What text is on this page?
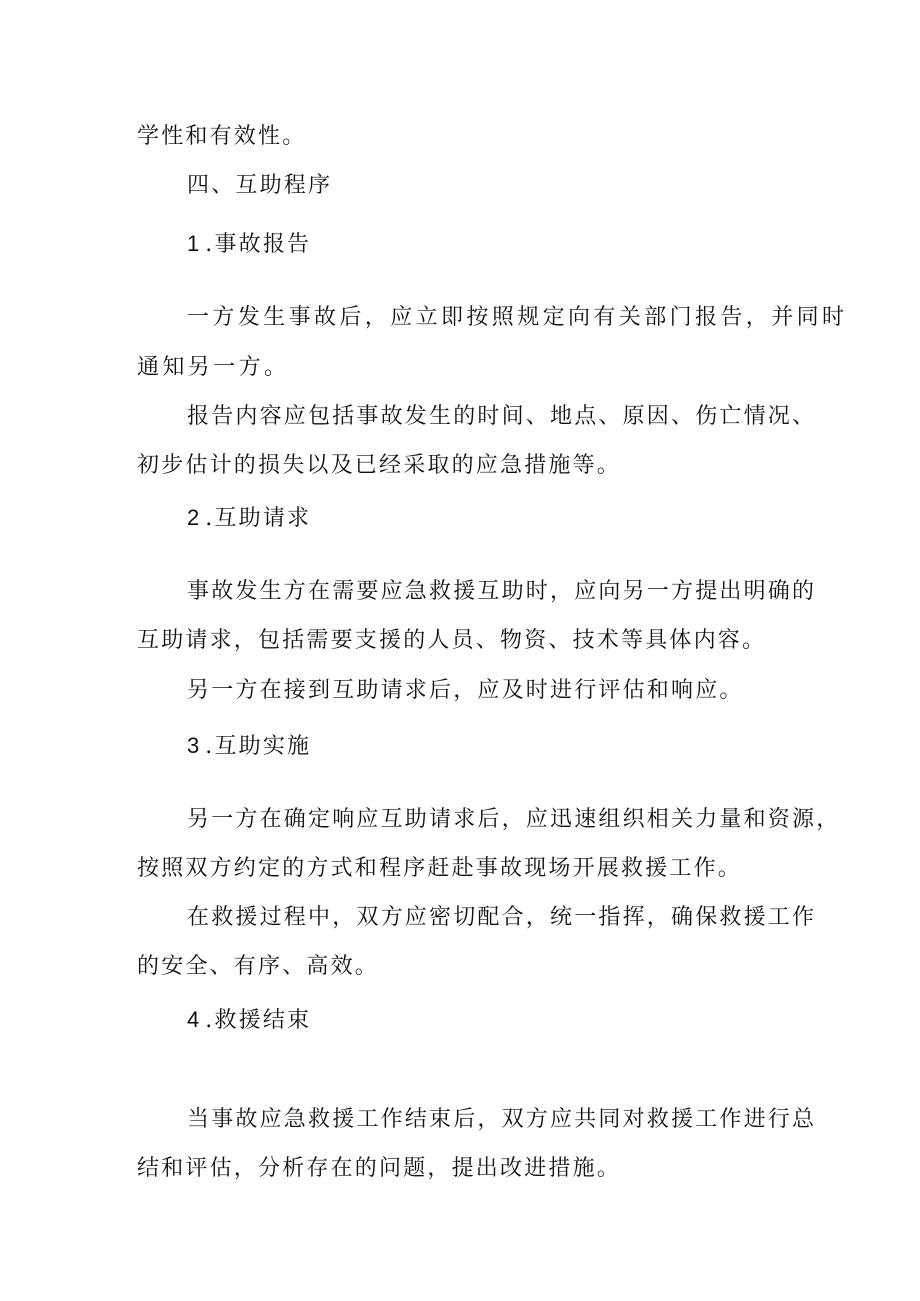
学性和有效性。
四、互助程序
1 .事故报告
一方发生事故后，应立即按照规定向有关部门报告，并同时
通知另一方。
报告内容应包括事故发生的时间、地点、原因、伤亡情况、
初步估计的损失以及已经采取的应急措施等。
2 .互助请求
事故发生方在需要应急救援互助时，应向另一方提出明确的
互助请求，包括需要支援的人员、物资、技术等具体内容。
另一方在接到互助请求后，应及时进行评估和响应。
3 .互助实施
另一方在确定响应互助请求后，应迅速组织相关力量和资源，
按照双方约定的方式和程序赶赴事故现场开展救援工作。
在救援过程中，双方应密切配合，统一指挥，确保救援工作
的安全、有序、高效。
4 .救援结束
当事故应急救援工作结束后，双方应共同对救援工作进行总
结和评估，分析存在的问题，提出改进措施。
